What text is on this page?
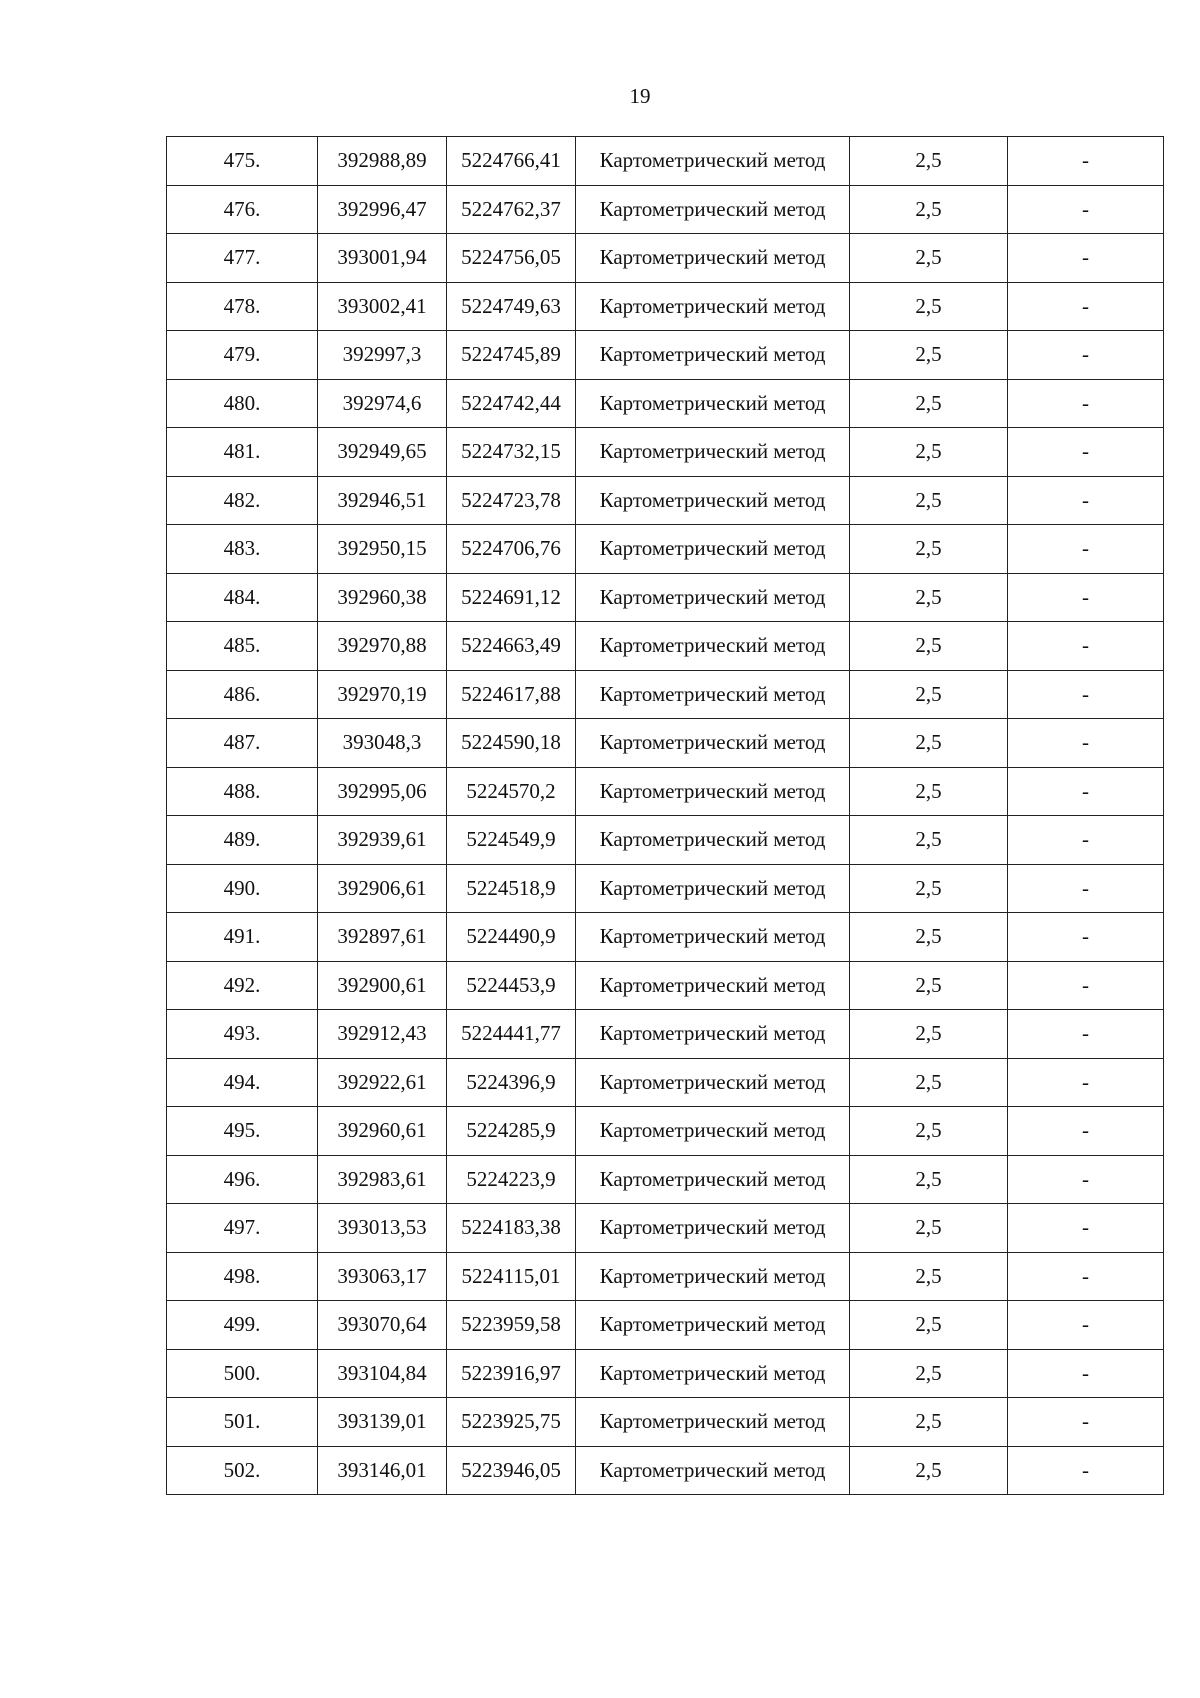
19
475.	392988,89	5224766,41	Картометрический метод	2,5	-
476.	392996,47	5224762,37	Картометрический метод	2,5	-
477.	393001,94	5224756,05	Картометрический метод	2,5	-
478.	393002,41	5224749,63	Картометрический метод	2,5	-
479.	392997,3	5224745,89	Картометрический метод	2,5	-
480.	392974,6	5224742,44	Картометрический метод	2,5	-
481.	392949,65	5224732,15	Картометрический метод	2,5	-
482.	392946,51	5224723,78	Картометрический метод	2,5	-
483.	392950,15	5224706,76	Картометрический метод	2,5	-
484.	392960,38	5224691,12	Картометрический метод	2,5	-
485.	392970,88	5224663,49	Картометрический метод	2,5	-
486.	392970,19	5224617,88	Картометрический метод	2,5	-
487.	393048,3	5224590,18	Картометрический метод	2,5	-
488.	392995,06	5224570,2	Картометрический метод	2,5	-
489.	392939,61	5224549,9	Картометрический метод	2,5	-
490.	392906,61	5224518,9	Картометрический метод	2,5	-
491.	392897,61	5224490,9	Картометрический метод	2,5	-
492.	392900,61	5224453,9	Картометрический метод	2,5	-
493.	392912,43	5224441,77	Картометрический метод	2,5	-
494.	392922,61	5224396,9	Картометрический метод	2,5	-
495.	392960,61	5224285,9	Картометрический метод	2,5	-
496.	392983,61	5224223,9	Картометрический метод	2,5	-
497.	393013,53	5224183,38	Картометрический метод	2,5	-
498.	393063,17	5224115,01	Картометрический метод	2,5	-
499.	393070,64	5223959,58	Картометрический метод	2,5	-
500.	393104,84	5223916,97	Картометрический метод	2,5	-
501.	393139,01	5223925,75	Картометрический метод	2,5	-
502.	393146,01	5223946,05	Картометрический метод	2,5	-
